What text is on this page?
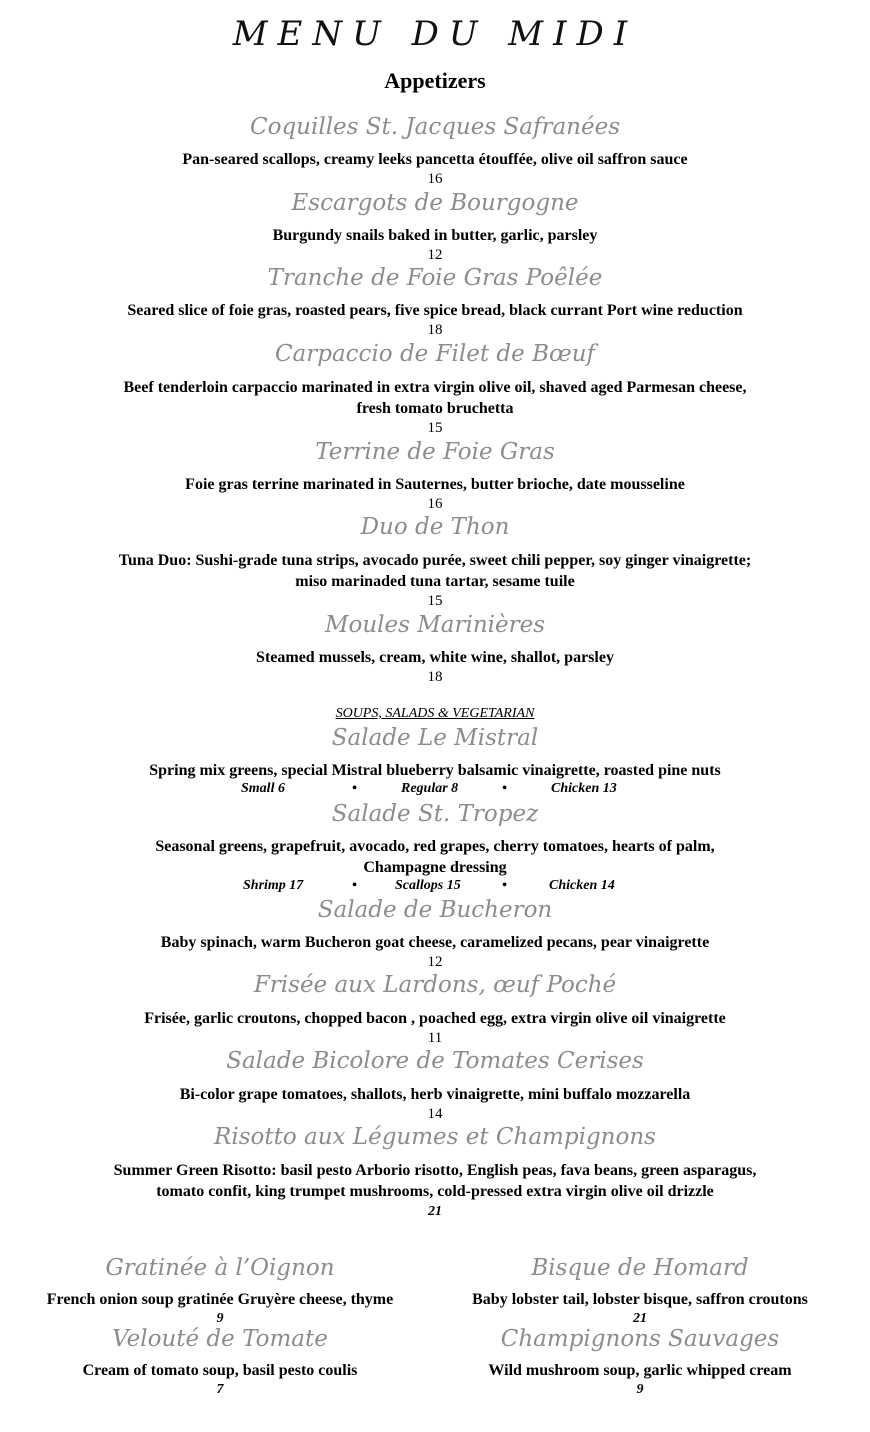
MENU DU MIDI
Appetizers
Coquilles St. Jacques Safranées
Pan-seared scallops, creamy leeks pancetta étouffée, olive oil saffron sauce
16
Escargots de Bourgogne
Burgundy snails baked in butter, garlic, parsley
12
Tranche de Foie Gras Poêlée
Seared slice of foie gras, roasted pears, five spice bread, black currant Port wine reduction
18
Carpaccio de Filet de Bœuf
Beef tenderloin carpaccio marinated in extra virgin olive oil, shaved aged Parmesan cheese,
fresh tomato bruchetta
15
Terrine de Foie Gras
Foie gras terrine marinated in Sauternes, butter brioche, date mousseline
16
Duo de Thon
Tuna Duo: Sushi-grade tuna strips, avocado purée, sweet chili pepper, soy ginger vinaigrette;
miso marinaded tuna tartar, sesame tuile
15
Moules Marinières
Steamed mussels, cream, white wine, shallot, parsley
18
SOUPS, SALADS & VEGETARIAN
Salade Le Mistral
Spring mix greens, special Mistral blueberry balsamic vinaigrette, roasted pine nuts
Small 6	•	Regular 8	•	Chicken 13
Salade St. Tropez
Seasonal greens, grapefruit, avocado, red grapes, cherry tomatoes, hearts of palm,
Champagne dressing
Shrimp 17	•	Scallops 15	•	Chicken 14
Salade de Bucheron
Baby spinach, warm Bucheron goat cheese, caramelized pecans, pear vinaigrette
12
Frisée aux Lardons, œuf Poché
Frisée, garlic croutons, chopped bacon , poached egg, extra virgin olive oil vinaigrette
11
Salade Bicolore de Tomates Cerises
Bi-color grape tomatoes, shallots, herb vinaigrette, mini buffalo mozzarella
14
Risotto aux Légumes et Champignons
Summer Green Risotto: basil pesto Arborio risotto, English peas, fava beans, green asparagus,
tomato confit, king trumpet mushrooms, cold-pressed extra virgin olive oil drizzle
21
Gratinée à l’Oignon
French onion soup gratinée Gruyère cheese, thyme
9
Velouté de Tomate
Cream of tomato soup, basil pesto coulis
7
Bisque de Homard
Baby lobster tail, lobster bisque, saffron croutons
21
Champignons Sauvages
Wild mushroom soup, garlic whipped cream
9
